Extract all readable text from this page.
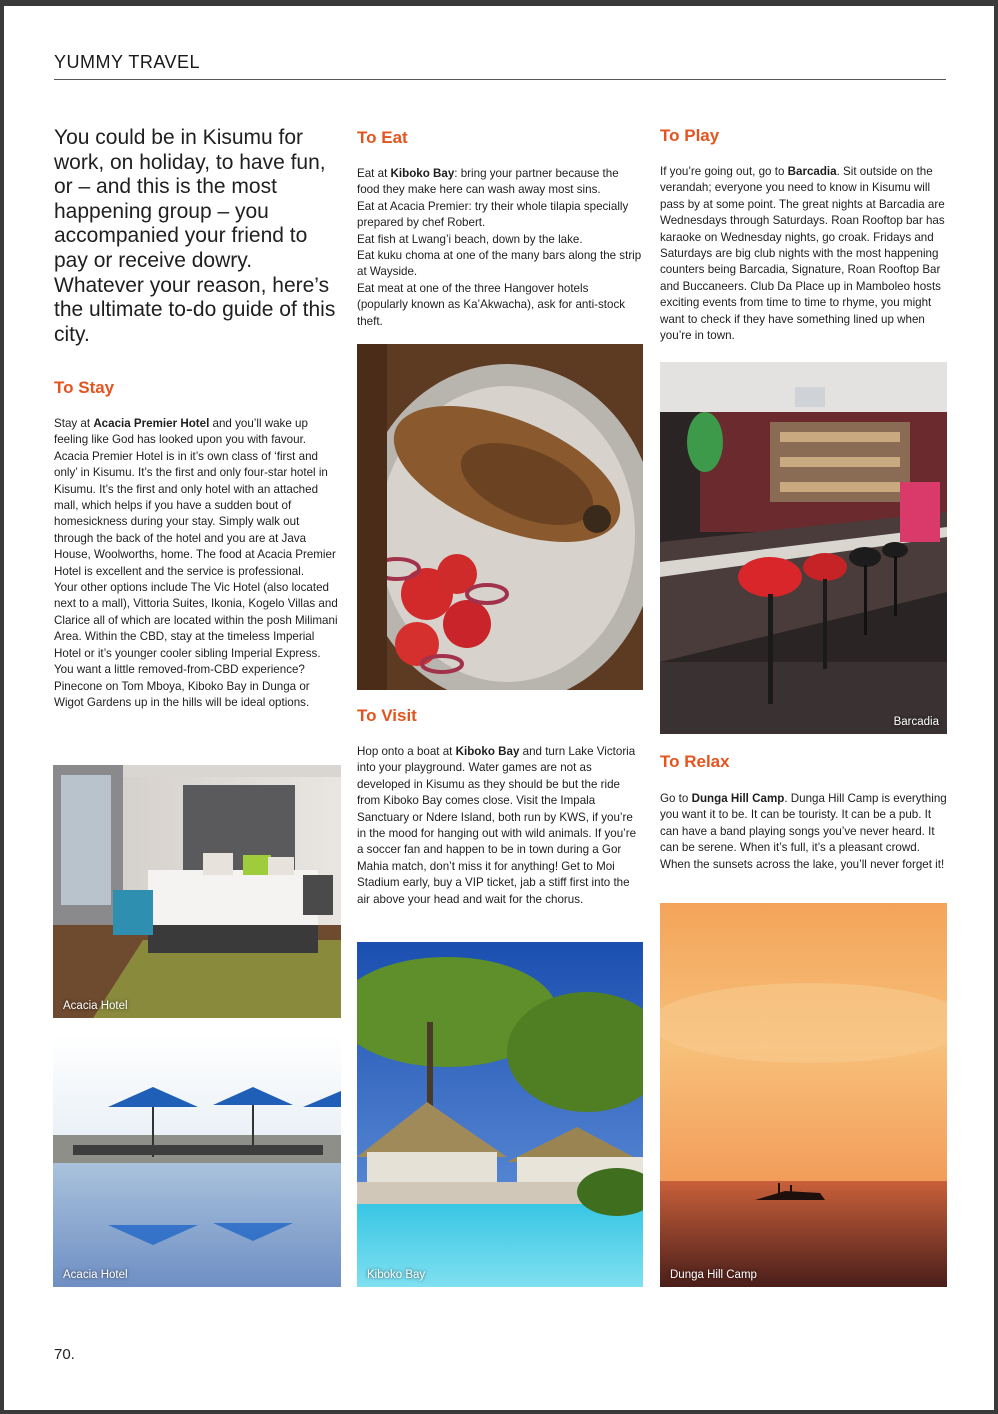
YUMMY TRAVEL

You could be in Kisumu for work, on holiday, to have fun, or – and this is the most happening group – you accompanied your friend to pay or receive dowry. Whatever your reason, here’s the ultimate to-do guide of this city.

To Stay

Stay at Acacia Premier Hotel and you’ll wake up feeling like God has looked upon you with favour. Acacia Premier Hotel is in it’s own class of ‘first and only’ in Kisumu. It’s the first and only four-star hotel in Kisumu. It’s the first and only hotel with an attached mall, which helps if you have a sudden bout of homesickness during your stay. Simply walk out through the back of the hotel and you are at Java House, Woolworths, home. The food at Acacia Premier Hotel is excellent and the service is professional.

Your other options include The Vic Hotel (also located next to a mall), Vittoria Suites, Ikonia, Kogelo Villas and Clarice all of which are located within the posh Milimani Area. Within the CBD, stay at the timeless Imperial Hotel or it’s younger cooler sibling Imperial Express. You want a little removed-from-CBD experience? Pinecone on Tom Mboya, Kiboko Bay in Dunga or Wigot Gardens up in the hills will be ideal options.

Acacia Hotel
Acacia Hotel
To Eat

Eat at Kiboko Bay: bring your partner because the food they make here can wash away most sins.

Eat at Acacia Premier: try their whole tilapia specially prepared by chef Robert.

Eat fish at Lwang’i beach, down by the lake.

Eat kuku choma at one of the many bars along the strip at Wayside.

Eat meat at one of the three Hangover hotels (popularly known as Ka’Akwacha), ask for anti-stock theft.

To Visit

Hop onto a boat at Kiboko Bay and turn Lake Victoria into your playground. Water games are not as developed in Kisumu as they should be but the ride from Kiboko Bay comes close. Visit the Impala Sanctuary or Ndere Island, both run by KWS, if you’re in the mood for hanging out with wild animals. If you’re a soccer fan and happen to be in town during a Gor Mahia match, don’t miss it for anything! Get to Moi Stadium early, buy a VIP ticket, jab a stiff first into the air above your head and wait for the chorus.

Kiboko Bay
To Play

If you’re going out, go to Barcadia. Sit outside on the verandah; everyone you need to know in Kisumu will pass by at some point. The great nights at Barcadia are Wednesdays through Saturdays. Roan Rooftop bar has karaoke on Wednesday nights, go croak. Fridays and Saturdays are big club nights with the most happening counters being Barcadia, Signature, Roan Rooftop Bar and Buccaneers. Club Da Place up in Mamboleo hosts exciting events from time to time to rhyme, you might want to check if they have something lined up when you’re in town.

Barcadia
To Relax

Go to Dunga Hill Camp. Dunga Hill Camp is everything you want it to be. It can be touristy. It can be a pub. It can have a band playing songs you’ve never heard. It can be serene. When it’s full, it’s a pleasant crowd. When the sunsets across the lake, you’ll never forget it!

Dunga Hill Camp
70.
